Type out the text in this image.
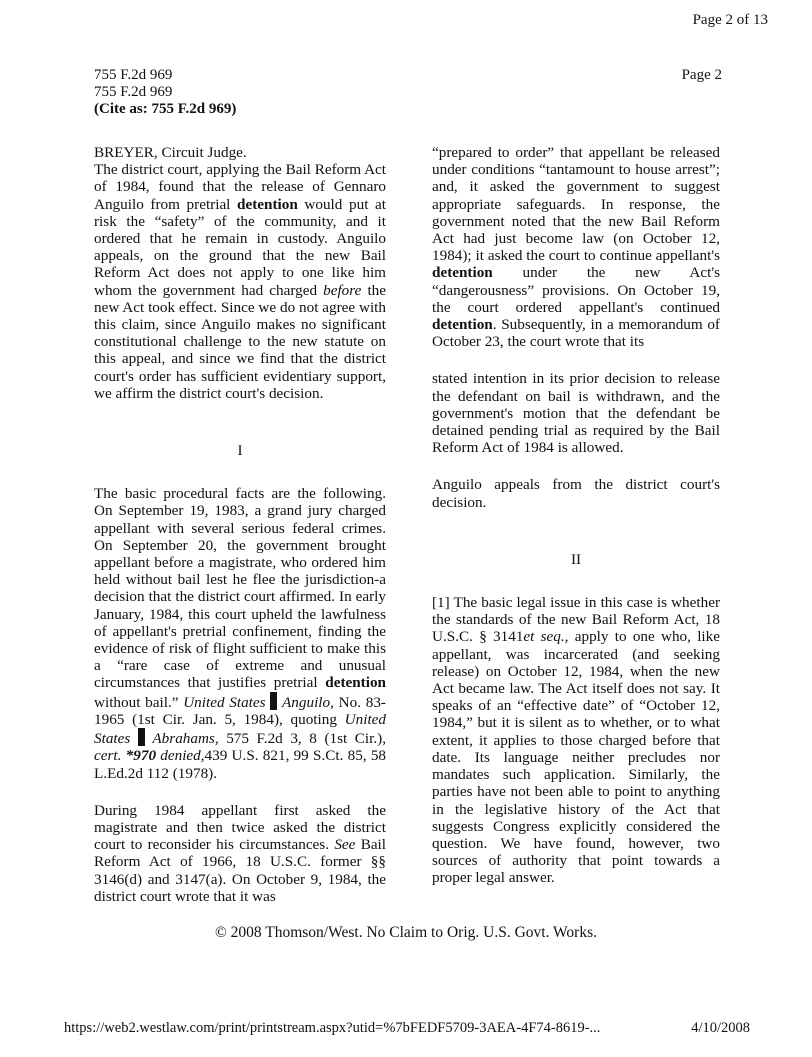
Page 2 of 13
755 F.2d 969
755 F.2d 969
(Cite as: 755 F.2d 969)
Page 2

BREYER, Circuit Judge.

The district court, applying the Bail Reform Act of 1984, found that the release of Gennaro Anguilo from pretrial detention would put at risk the “safety” of the community, and it ordered that he remain in custody. Anguilo appeals, on the ground that the new Bail Reform Act does not apply to one like him whom the government had charged before the new Act took effect. Since we do not agree with this claim, since Anguilo makes no significant constitutional challenge to the new statute on this appeal, and since we find that the district court's order has sufficient evidentiary support, we affirm the district court's decision.

I

The basic procedural facts are the following. On September 19, 1983, a grand jury charged appellant with several serious federal crimes. On September 20, the government brought appellant before a magistrate, who ordered him held without bail lest he flee the jurisdiction-a decision that the district court affirmed. In early January, 1984, this court upheld the lawfulness of appellant's pretrial confinement, finding the evidence of risk of flight sufficient to make this a “rare case of extreme and unusual circumstances that justifies pretrial detention without bail.” United States Anguilo, No. 83-1965 (1st Cir. Jan. 5, 1984), quoting United States Abrahams, 575 F.2d 3, 8 (1st Cir.), cert. *970 denied,439 U.S. 821, 99 S.Ct. 85, 58 L.Ed.2d 112 (1978).

During 1984 appellant first asked the magistrate and then twice asked the district court to reconsider his circumstances. See Bail Reform Act of 1966, 18 U.S.C. former §§ 3146(d) and 3147(a). On October 9, 1984, the district court wrote that it was

“prepared to order” that appellant be released under conditions “tantamount to house arrest”; and, it asked the government to suggest appropriate safeguards. In response, the government noted that the new Bail Reform Act had just become law (on October 12, 1984); it asked the court to continue appellant's detention under the new Act's “dangerousness” provisions. On October 19, the court ordered appellant's continued detention. Subsequently, in a memorandum of October 23, the court wrote that its

stated intention in its prior decision to release the defendant on bail is withdrawn, and the government's motion that the defendant be detained pending trial as required by the Bail Reform Act of 1984 is allowed.

Anguilo appeals from the district court's decision.

II

[1] The basic legal issue in this case is whether the standards of the new Bail Reform Act, 18 U.S.C. § 3141et seq., apply to one who, like appellant, was incarcerated (and seeking release) on October 12, 1984, when the new Act became law. The Act itself does not say. It speaks of an “effective date” of “October 12, 1984,” but it is silent as to whether, or to what extent, it applies to those charged before that date. Its language neither precludes nor mandates such application. Similarly, the parties have not been able to point to anything in the legislative history of the Act that suggests Congress explicitly considered the question. We have found, however, two sources of authority that point towards a proper legal answer.

© 2008 Thomson/West. No Claim to Orig. U.S. Govt. Works.
https://web2.westlaw.com/print/printstream.aspx?utid=%7bFEDF5709-3AEA-4F74-8619-...	4/10/2008
